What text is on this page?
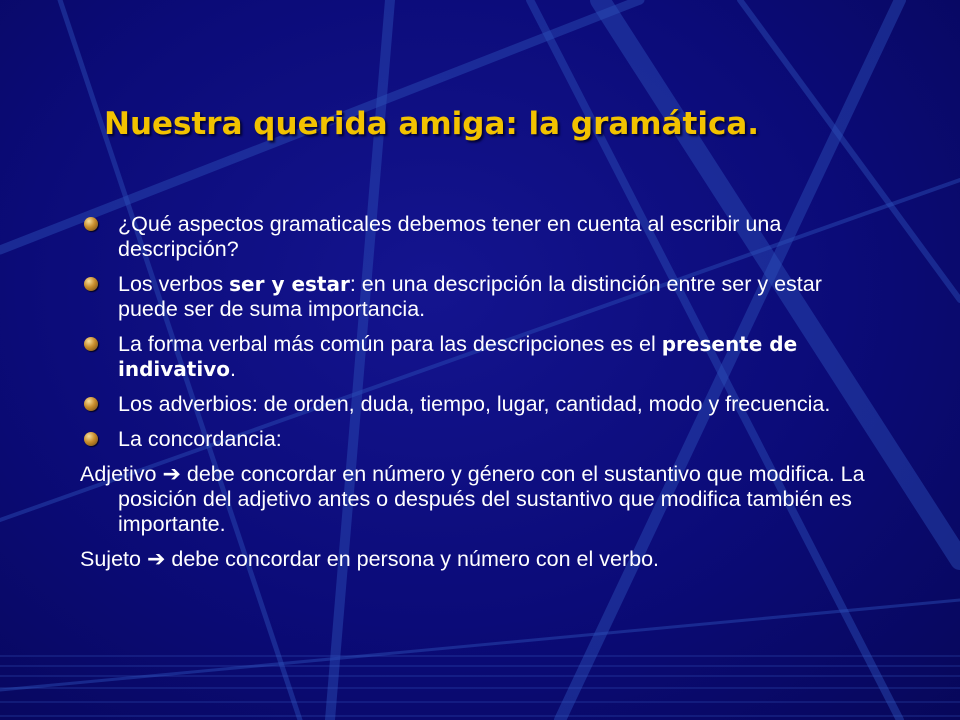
Nuestra querida amiga: la gramática.
¿Qué aspectos gramaticales debemos tener en cuenta al escribir una descripción?
Los verbos ser y estar: en una descripción la distinción entre ser y estar puede ser de suma importancia.
La forma verbal más común para las descripciones es el presente de indivativo.
Los adverbios: de orden, duda, tiempo, lugar, cantidad, modo y frecuencia.
La concordancia:
Adjetivo ➔ debe concordar en número y género con el sustantivo que modifica. La posición del adjetivo antes o después del sustantivo que modifica también es importante.
Sujeto ➔ debe concordar en persona y número con el verbo.
